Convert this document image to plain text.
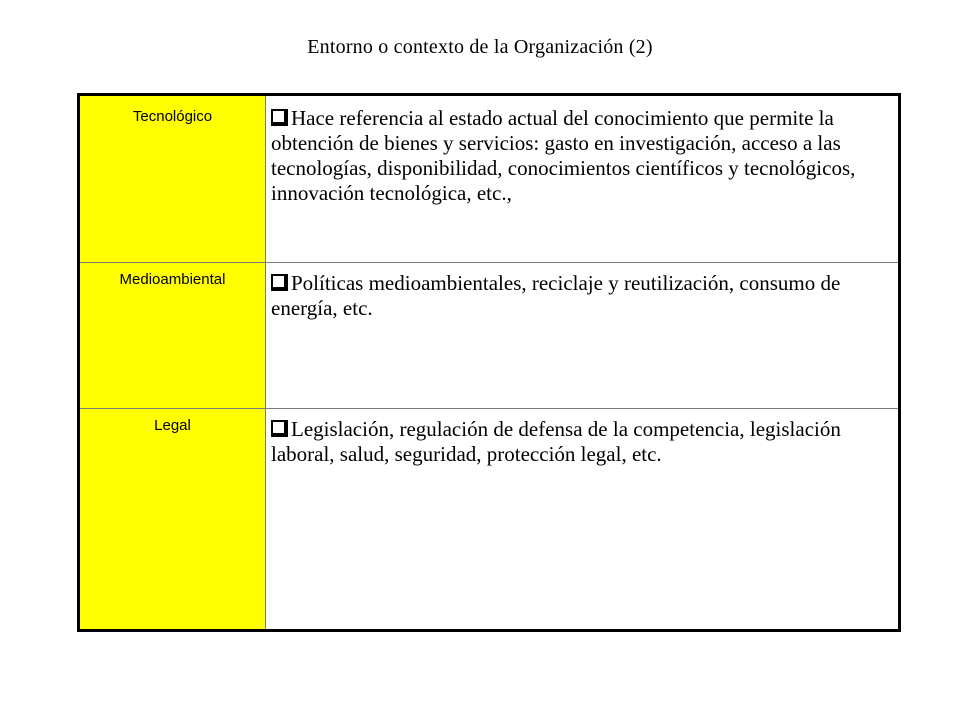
Entorno o contexto de la Organización (2)
Tecnológico	Hace referencia al estado actual del conocimiento que permite la obtención de bienes y servicios: gasto en investigación, acceso a las tecnologías, disponibilidad, conocimientos científicos y tecnológicos, innovación tecnológica, etc.,
Medioambiental	Políticas medioambientales, reciclaje y reutilización, consumo de energía, etc.
Legal	Legislación, regulación de defensa de la competencia, legislación laboral, salud, seguridad, protección legal, etc.
